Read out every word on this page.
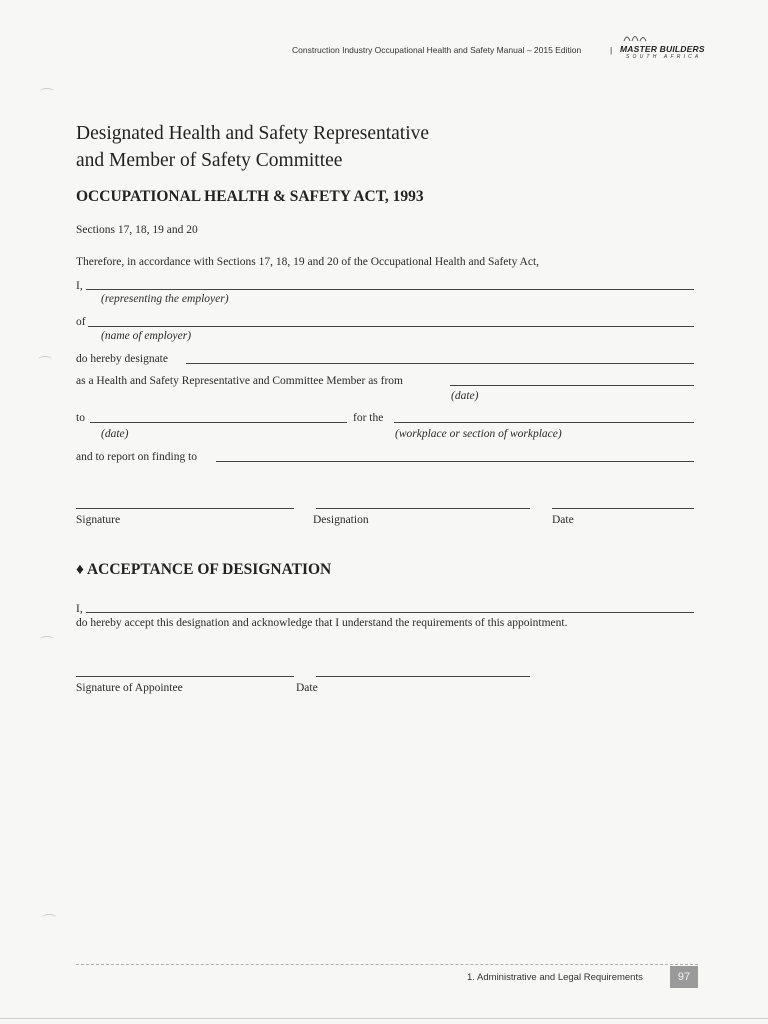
Construction Industry Occupational Health and Safety Manual – 2015 Edition	| MASTER BUILDERS
SOUTH AFRICA
Designated Health and Safety Representative
and Member of Safety Committee
OCCUPATIONAL HEALTH & SAFETY ACT, 1993
Sections 17, 18, 19 and 20
Therefore, in accordance with Sections 17, 18, 19 and 20 of the Occupational Health and Safety Act,
I,
(representing the employer)
of
(name of employer)
do hereby designate
as a Health and Safety Representative and Committee Member as from
(date)
to	for the
(date)	(workplace or section of workplace)
and to report on finding to
Signature	Designation	Date
♦ ACCEPTANCE OF DESIGNATION
I,
do hereby accept this designation and acknowledge that I understand the requirements of this appointment.
Signature of Appointee	Date
1. Administrative and Legal Requirements	97
